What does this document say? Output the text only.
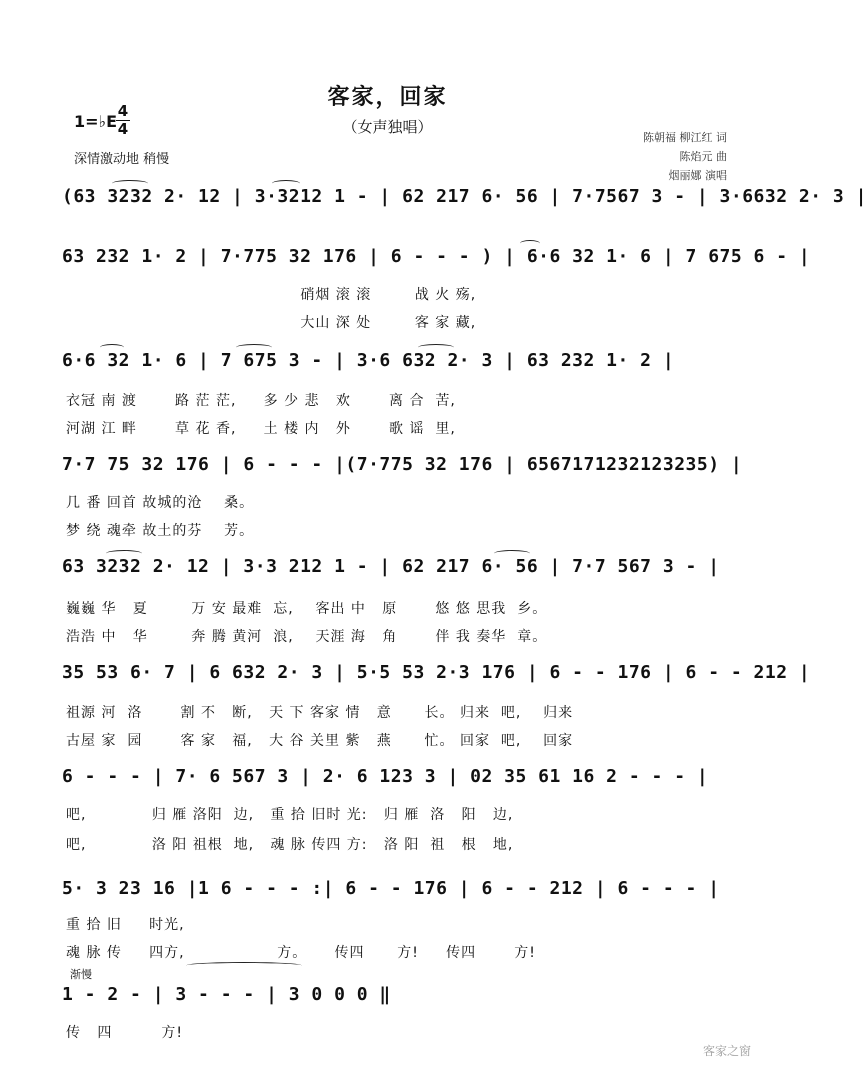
客家，回家
（女声独唱）
1=♭E
4
4
深情激动地 稍慢
陈朝福 柳江红 词
陈焰元 曲
烟丽娜 演唱
(63 3232 2· 12 | 3·3212 1 - | 62 217 6· 56 | 7·7567 3 - | 3·6632 2· 3 |
63 232 1· 2 | 7·775 32 176 | 6 - - - ) | 6·6 32 1· 6 | 7 675 6 - |
硝烟 滚 滚        战 火 殇,
大山 深 处        客 家 藏,
6·6 32 1· 6 | 7 675 3 - | 3·6 632 2· 3 | 63 232 1· 2 |
衣冠 南 渡       路 茫 茫,     多 少 悲   欢       离 合  苦,
河湖 江 畔       草 花 香,     土 楼 内   外       歌 谣  里,
7·7 75 32 176 | 6 - - - |(7·775 32 176 | 6567171232123235) |
几 番 回首 故城的沧    桑。
梦 绕 魂牵 故土的芬    芳。
63 3232 2· 12 | 3·3 212 1 - | 62 217 6· 56 | 7·7 567 3 - |
巍巍 华   夏        万 安 最难  忘,    客出 中   原       悠 悠 思我  乡。
浩浩 中   华        奔 腾 黄河  浪,    天涯 海   角       伴 我 奏华  章。
35 53 6· 7 | 6 632 2· 3 | 5·5 53 2·3 176 | 6 - - 176 | 6 - - 212 |
祖源 河  洛       割 不   断,   天 下 客家 情   意      长。 归来  吧,    归来
古屋 家  园       客 家   福,   大 谷 关里 紫   燕      忙。 回家  吧,    回家
6 - - - | 7· 6 567 3 | 2· 6 123 3 | 02 35 61 16 2 - - - |
吧,            归 雁 洛阳  边,   重 拾 旧时 光:   归 雁  洛   阳   边,
吧,            洛 阳 祖根  地,   魂 脉 传四 方:   洛 阳  祖   根   地,
5· 3 23 16 |1 6 - - - :| 6 - - 176 | 6 - - 212 | 6 - - - |
重 拾 旧     时光,
魂 脉 传     四方,                 方。     传四      方!     传四       方!
渐慢
1 - 2 - | 3 - - - | 3 0 0 0 ‖
传   四         方!
客家之窗
